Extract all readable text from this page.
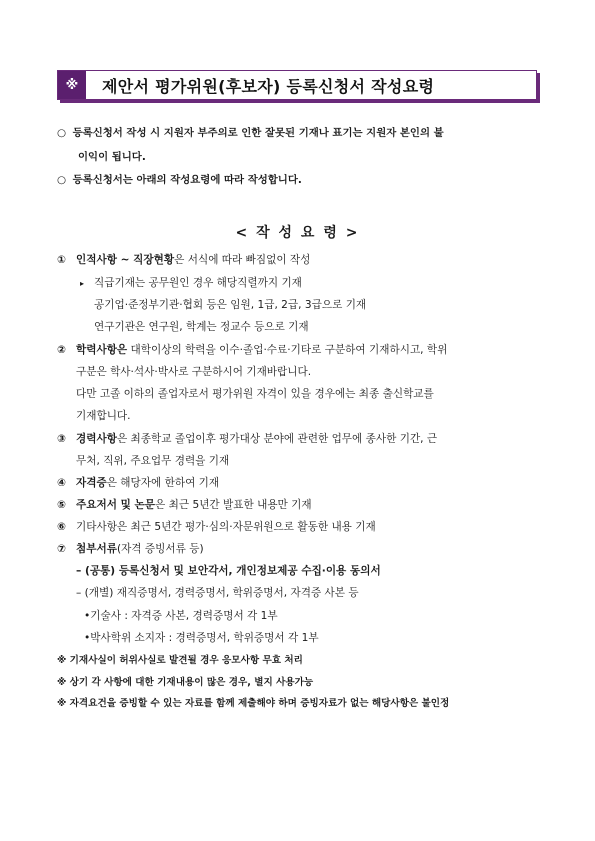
※	제안서 평가위원(후보자) 등록신청서 작성요령
○ 등록신청서 작성 시 지원자 부주의로 인한 잘못된 기재나 표기는 지원자 본인의 불
이익이 됩니다.
○ 등록신청서는 아래의 작성요령에 따라 작성합니다.
< 작 성 요 령 >
① 인적사항 ~ 직장현황은 서식에 따라 빠짐없이 작성
▸ 직급기재는 공무원인 경우 해당직렬까지 기재
공기업·준정부기관·협회 등은 임원, 1급, 2급, 3급으로 기재
연구기관은 연구원, 학계는 정교수 등으로 기재
② 학력사항은 대학이상의 학력을 이수·졸업·수료·기타로 구분하여 기재하시고, 학위
구분은 학사·석사·박사로 구분하시어 기재바랍니다.
다만 고졸 이하의 졸업자로서 평가위원 자격이 있을 경우에는 최종 출신학교를
기재합니다.
③ 경력사항은 최종학교 졸업이후 평가대상 분야에 관련한 업무에 종사한 기간, 근
무처, 직위, 주요업무 경력을 기재
④ 자격증은 해당자에 한하여 기재
⑤ 주요저서 및 논문은 최근 5년간 발표한 내용만 기재
⑥ 기타사항은 최근 5년간 평가·심의·자문위원으로 활동한 내용 기재
⑦ 첨부서류(자격 증빙서류 등)
– (공통) 등록신청서 및 보안각서, 개인정보제공 수집·이용 동의서
– (개별) 재직증명서, 경력증명서, 학위증명서, 자격증 사본 등
•기술사 : 자격증 사본, 경력증명서 각 1부
•박사학위 소지자 : 경력증명서, 학위증명서 각 1부
※ 기재사실이 허위사실로 발견될 경우 응모사항 무효 처리
※ 상기 각 사항에 대한 기재내용이 많은 경우, 별지 사용가능
※ 자격요건을 증빙할 수 있는 자료를 함께 제출해야 하며 증빙자료가 없는 해당사항은 불인정
